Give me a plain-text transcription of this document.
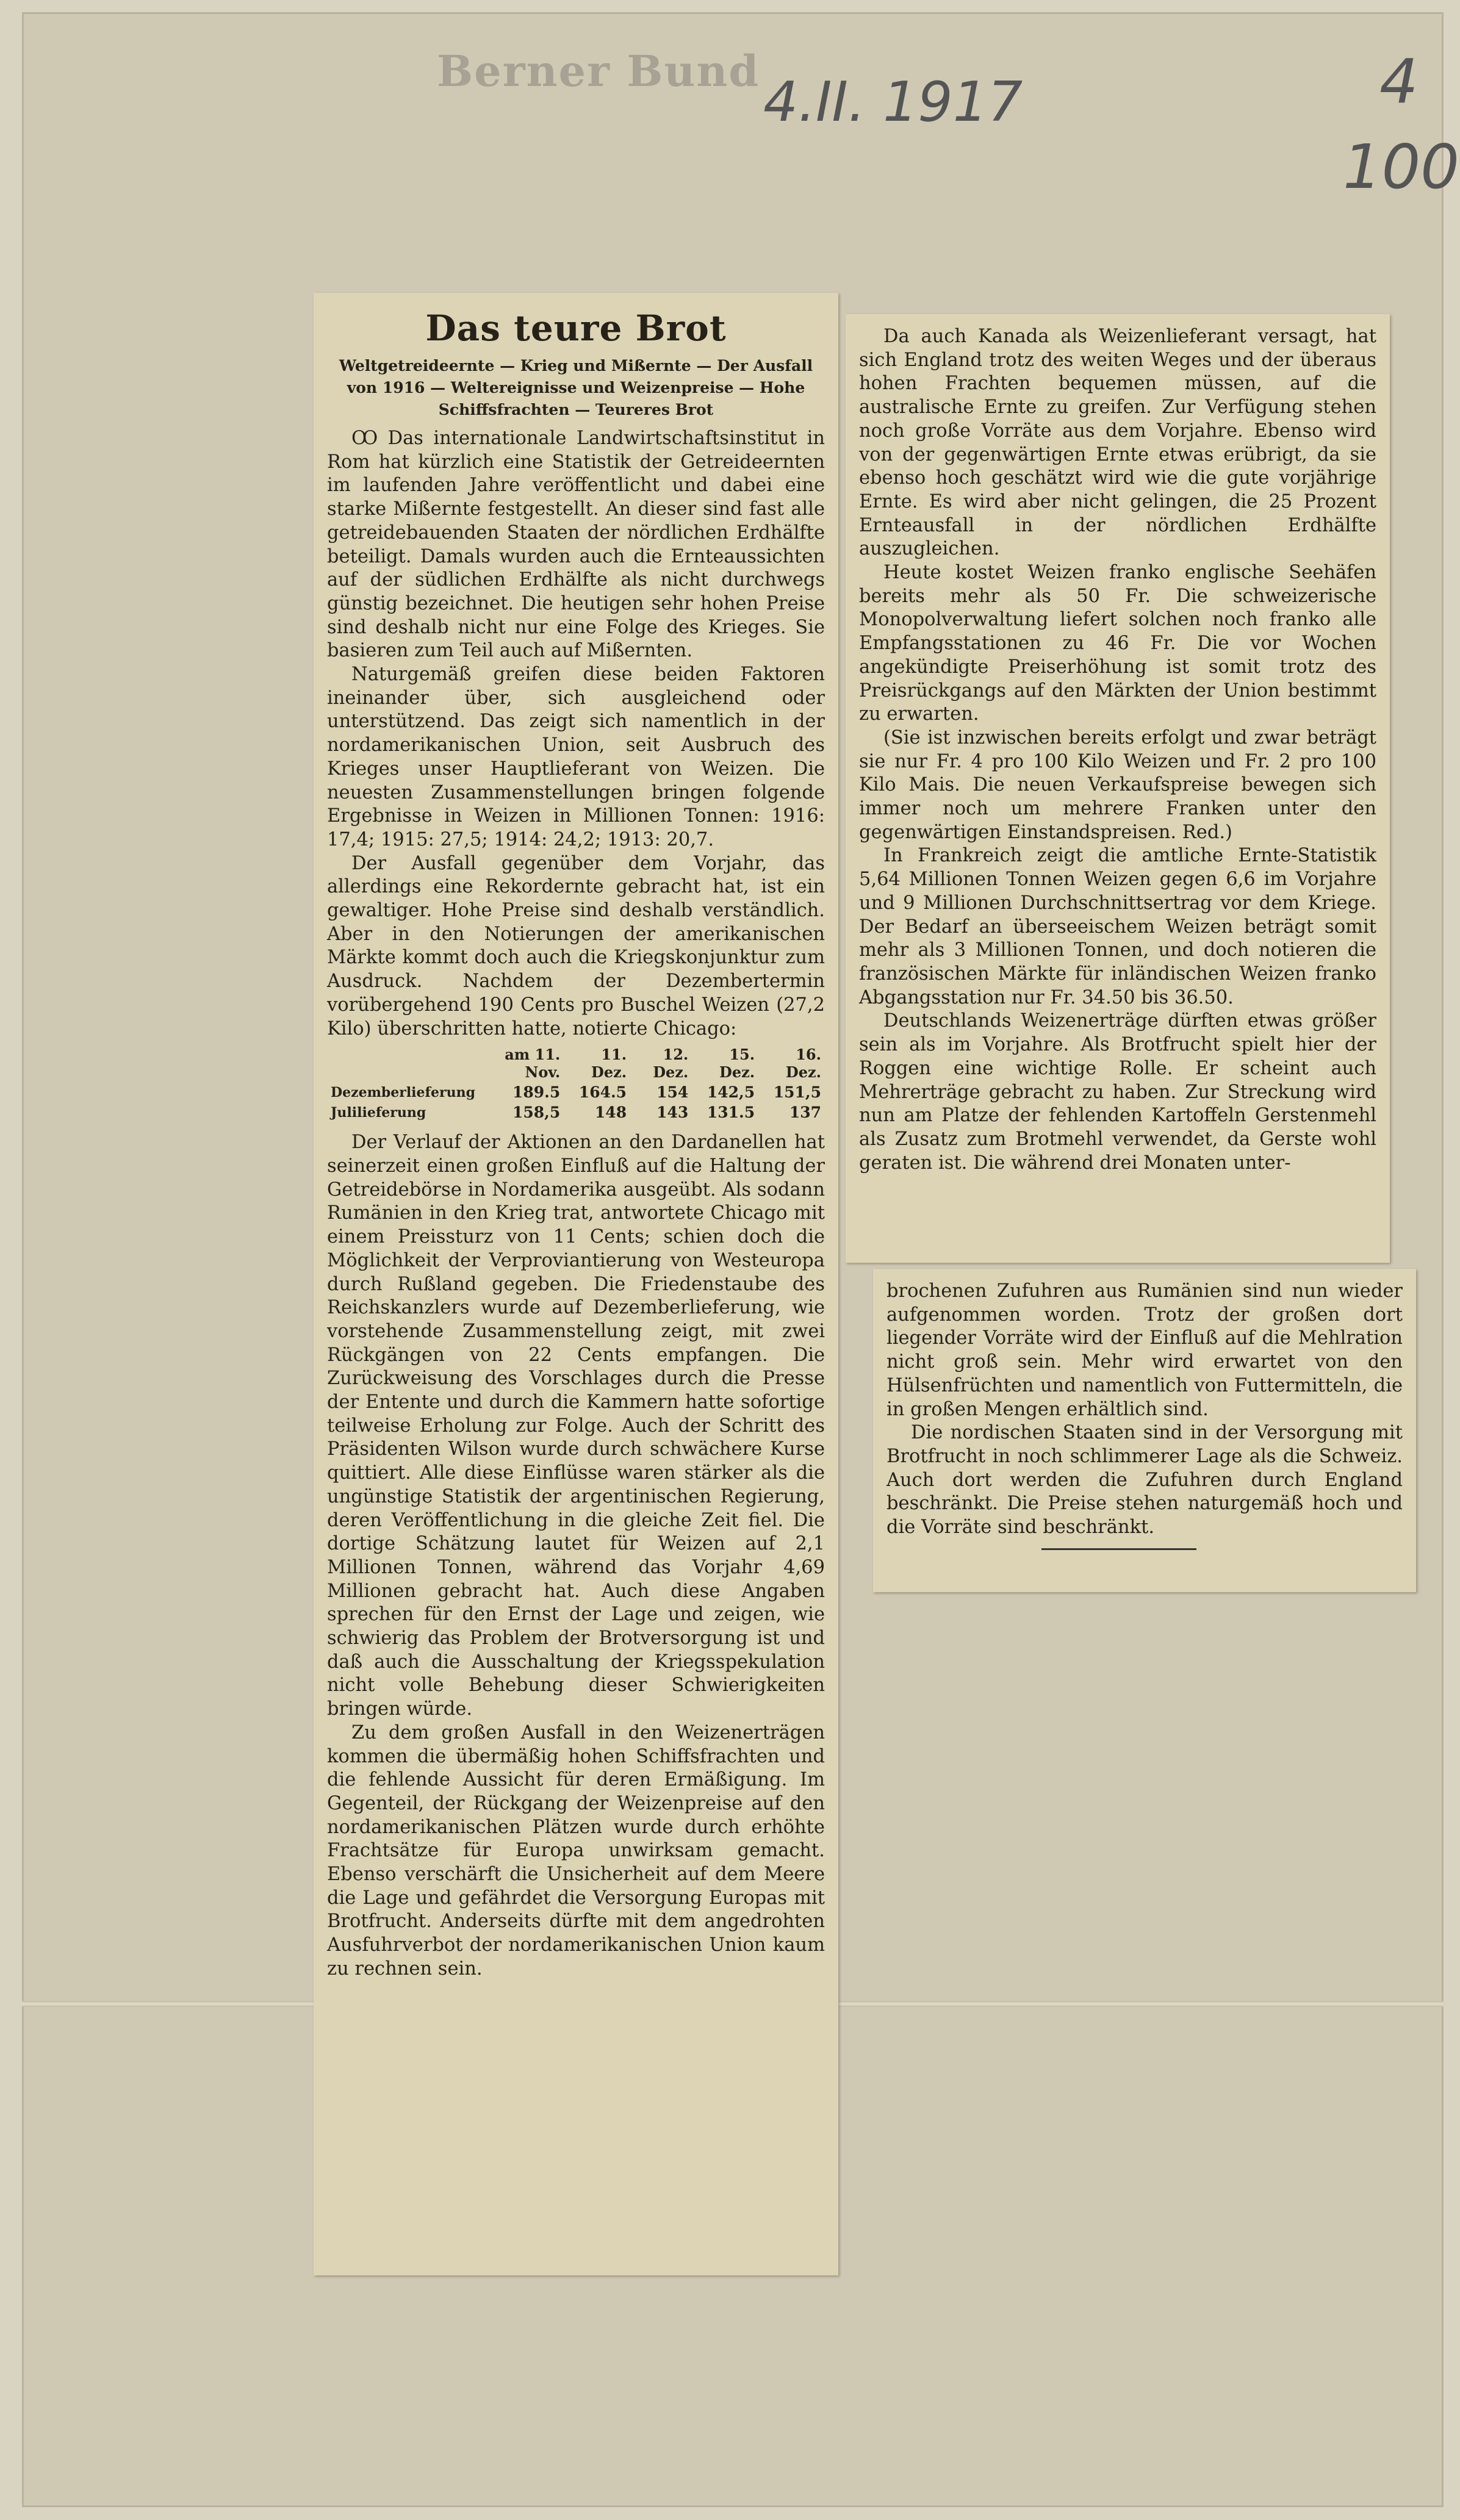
Berner Bund 4.II. 1917	4
100
Das teure Brot
Weltgetreideernte — Krieg und Mißernte — Der Ausfall von 1916 — Weltereignisse und Weizenpreise — Hohe Schiffsfrachten — Teureres Brot

Ꝏ Das internationale Landwirtschaftsinstitut in Rom hat kürzlich eine Statistik der Getreideernten im laufenden Jahre veröffentlicht und dabei eine starke Mißernte festgestellt. An dieser sind fast alle getreidebauenden Staaten der nördlichen Erdhälfte beteiligt. Damals wurden auch die Ernteaussichten auf der südlichen Erdhälfte als nicht durchwegs günstig bezeichnet. Die heutigen sehr hohen Preise sind deshalb nicht nur eine Folge des Krieges. Sie basieren zum Teil auch auf Mißernten.

Naturgemäß greifen diese beiden Faktoren ineinander über, sich ausgleichend oder unterstützend. Das zeigt sich namentlich in der nordamerikanischen Union, seit Ausbruch des Krieges unser Hauptlieferant von Weizen. Die neuesten Zusammenstellungen bringen folgende Ergebnisse in Weizen in Millionen Tonnen: 1916: 17,4; 1915: 27,5; 1914: 24,2; 1913: 20,7.

Der Ausfall gegenüber dem Vorjahr, das allerdings eine Rekordernte gebracht hat, ist ein gewaltiger. Hohe Preise sind deshalb verständlich. Aber in den Notierungen der amerikanischen Märkte kommt doch auch die Kriegskonjunktur zum Ausdruck. Nachdem der Dezembertermin vorübergehend 190 Cents pro Buschel Weizen (27,2 Kilo) überschritten hatte, notierte Chicago:

	am 11. Nov.	11. Dez.	12. Dez.	15. Dez.	16. Dez.
Dezemberlieferung	189.5	164.5	154	142,5	151,5
Julilieferung	158,5	148	143	131.5	137

Der Verlauf der Aktionen an den Dardanellen hat seinerzeit einen großen Einfluß auf die Haltung der Getreidebörse in Nordamerika ausgeübt. Als sodann Rumänien in den Krieg trat, antwortete Chicago mit einem Preissturz von 11 Cents; schien doch die Möglichkeit der Verproviantierung von Westeuropa durch Rußland gegeben. Die Friedenstaube des Reichskanzlers wurde auf Dezemberlieferung, wie vorstehende Zusammenstellung zeigt, mit zwei Rückgängen von 22 Cents empfangen. Die Zurückweisung des Vorschlages durch die Presse der Entente und durch die Kammern hatte sofortige teilweise Erholung zur Folge. Auch der Schritt des Präsidenten Wilson wurde durch schwächere Kurse quittiert. Alle diese Einflüsse waren stärker als die ungünstige Statistik der argentinischen Regierung, deren Veröffentlichung in die gleiche Zeit fiel. Die dortige Schätzung lautet für Weizen auf 2,1 Millionen Tonnen, während das Vorjahr 4,69 Millionen gebracht hat. Auch diese Angaben sprechen für den Ernst der Lage und zeigen, wie schwierig das Problem der Brotversorgung ist und daß auch die Ausschaltung der Kriegsspekulation nicht volle Behebung dieser Schwierigkeiten bringen würde.

Zu dem großen Ausfall in den Weizenerträgen kommen die übermäßig hohen Schiffsfrachten und die fehlende Aussicht für deren Ermäßigung. Im Gegenteil, der Rückgang der Weizenpreise auf den nordamerikanischen Plätzen wurde durch erhöhte Frachtsätze für Europa unwirksam gemacht. Ebenso verschärft die Unsicherheit auf dem Meere die Lage und gefährdet die Versorgung Europas mit Brotfrucht. Anderseits dürfte mit dem angedrohten Ausfuhrverbot der nordamerikanischen Union kaum zu rechnen sein.

Da auch Kanada als Weizenlieferant versagt, hat sich England trotz des weiten Weges und der überaus hohen Frachten bequemen müssen, auf die australische Ernte zu greifen. Zur Verfügung stehen noch große Vorräte aus dem Vorjahre. Ebenso wird von der gegenwärtigen Ernte etwas erübrigt, da sie ebenso hoch geschätzt wird wie die gute vorjährige Ernte. Es wird aber nicht gelingen, die 25 Prozent Ernteausfall in der nördlichen Erdhälfte auszugleichen.

Heute kostet Weizen franko englische Seehäfen bereits mehr als 50 Fr. Die schweizerische Monopolverwaltung liefert solchen noch franko alle Empfangsstationen zu 46 Fr. Die vor Wochen angekündigte Preiserhöhung ist somit trotz des Preisrückgangs auf den Märkten der Union bestimmt zu erwarten.

(Sie ist inzwischen bereits erfolgt und zwar beträgt sie nur Fr. 4 pro 100 Kilo Weizen und Fr. 2 pro 100 Kilo Mais. Die neuen Verkaufspreise bewegen sich immer noch um mehrere Franken unter den gegenwärtigen Einstandspreisen. Red.)

In Frankreich zeigt die amtliche Ernte-Statistik 5,64 Millionen Tonnen Weizen gegen 6,6 im Vorjahre und 9 Millionen Durchschnittsertrag vor dem Kriege. Der Bedarf an überseeischem Weizen beträgt somit mehr als 3 Millionen Tonnen, und doch notieren die französischen Märkte für inländischen Weizen franko Abgangsstation nur Fr. 34.50 bis 36.50.

Deutschlands Weizenerträge dürften etwas größer sein als im Vorjahre. Als Brotfrucht spielt hier der Roggen eine wichtige Rolle. Er scheint auch Mehrerträge gebracht zu haben. Zur Streckung wird nun am Platze der fehlenden Kartoffeln Gerstenmehl als Zusatz zum Brotmehl verwendet, da Gerste wohl geraten ist. Die während drei Monaten unter-

brochenen Zufuhren aus Rumänien sind nun wieder aufgenommen worden. Trotz der großen dort liegender Vorräte wird der Einfluß auf die Mehlration nicht groß sein. Mehr wird erwartet von den Hülsenfrüchten und namentlich von Futtermitteln, die in großen Mengen erhältlich sind.

Die nordischen Staaten sind in der Versorgung mit Brotfrucht in noch schlimmerer Lage als die Schweiz. Auch dort werden die Zufuhren durch England beschränkt. Die Preise stehen naturgemäß hoch und die Vorräte sind beschränkt.
